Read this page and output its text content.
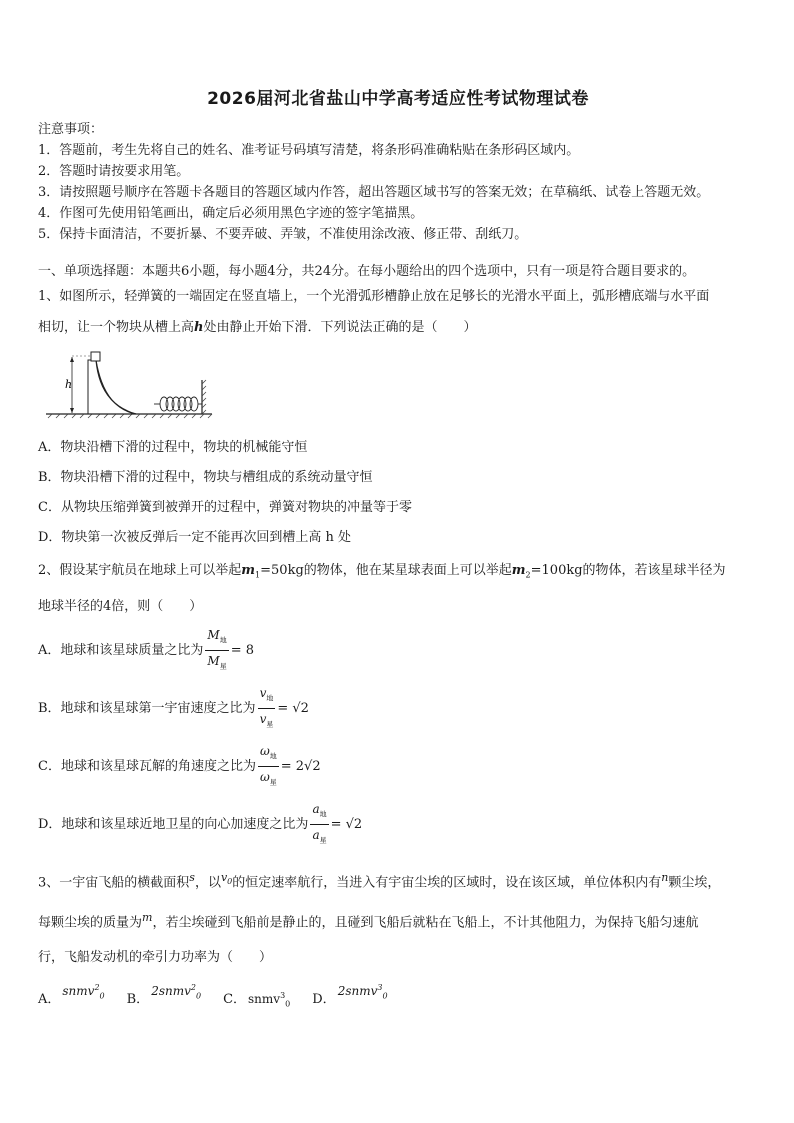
2026届河北省盐山中学高考适应性考试物理试卷
注意事项：
1．答题前，考生先将自己的姓名、准考证号码填写清楚，将条形码准确粘贴在条形码区域内。
2．答题时请按要求用笔。
3．请按照题号顺序在答题卡各题目的答题区域内作答，超出答题区域书写的答案无效；在草稿纸、试卷上答题无效。
4．作图可先使用铅笔画出，确定后必须用黑色字迹的签字笔描黑。
5．保持卡面清洁，不要折暴、不要弄破、弄皱，不准使用涂改液、修正带、刮纸刀。
一、单项选择题：本题共6小题，每小题4分，共24分。在每小题给出的四个选项中，只有一项是符合题目要求的。
1、如图所示，轻弹簧的一端固定在竖直墙上，一个光滑弧形槽静止放在足够长的光滑水平面上，弧形槽底端与水平面
相切，让一个物块从槽上高h处由静止开始下滑．下列说法正确的是（　　）
h
A．物块沿槽下滑的过程中，物块的机械能守恒
B．物块沿槽下滑的过程中，物块与槽组成的系统动量守恒
C．从物块压缩弹簧到被弹开的过程中，弹簧对物块的冲量等于零
D．物块第一次被反弹后一定不能再次回到槽上高 h 处
2、假设某宇航员在地球上可以举起$m_1=50kg$的物体，他在某星球表面上可以举起$m_2=100kg$的物体，若该星球半径为
地球半径的4倍，则（　　）
A．地球和该星球质量之比为 $\frac{M_地}{M_星} = 8$
B．地球和该星球第一宇宙速度之比为 $\frac{v_地}{v_星} = √2$
C．地球和该星球瓦解的角速度之比为 $\frac{\omega_地}{\omega_星} = 2√2$
D．地球和该星球近地卫星的向心加速度之比为 $\frac{a_地}{a_星} = √2$
3、一宇宙飞船的横截面积$^s$，以$^{v_0}$的恒定速率航行，当进入有宇宙尘埃的区域时，设在该区域，单位体积内有$^n$颗尘埃，
每颗尘埃的质量为$^m$，若尘埃碰到飞船前是静止的，且碰到飞船后就粘在飞船上，不计其他阻力，为保持飞船匀速航
行，飞船发动机的牵引力功率为（　　）
A．
snmv$^2_0$ B．
2snmv$^2_0$ C． snmv$^3_0$ D．
2snmv$^3_0$
